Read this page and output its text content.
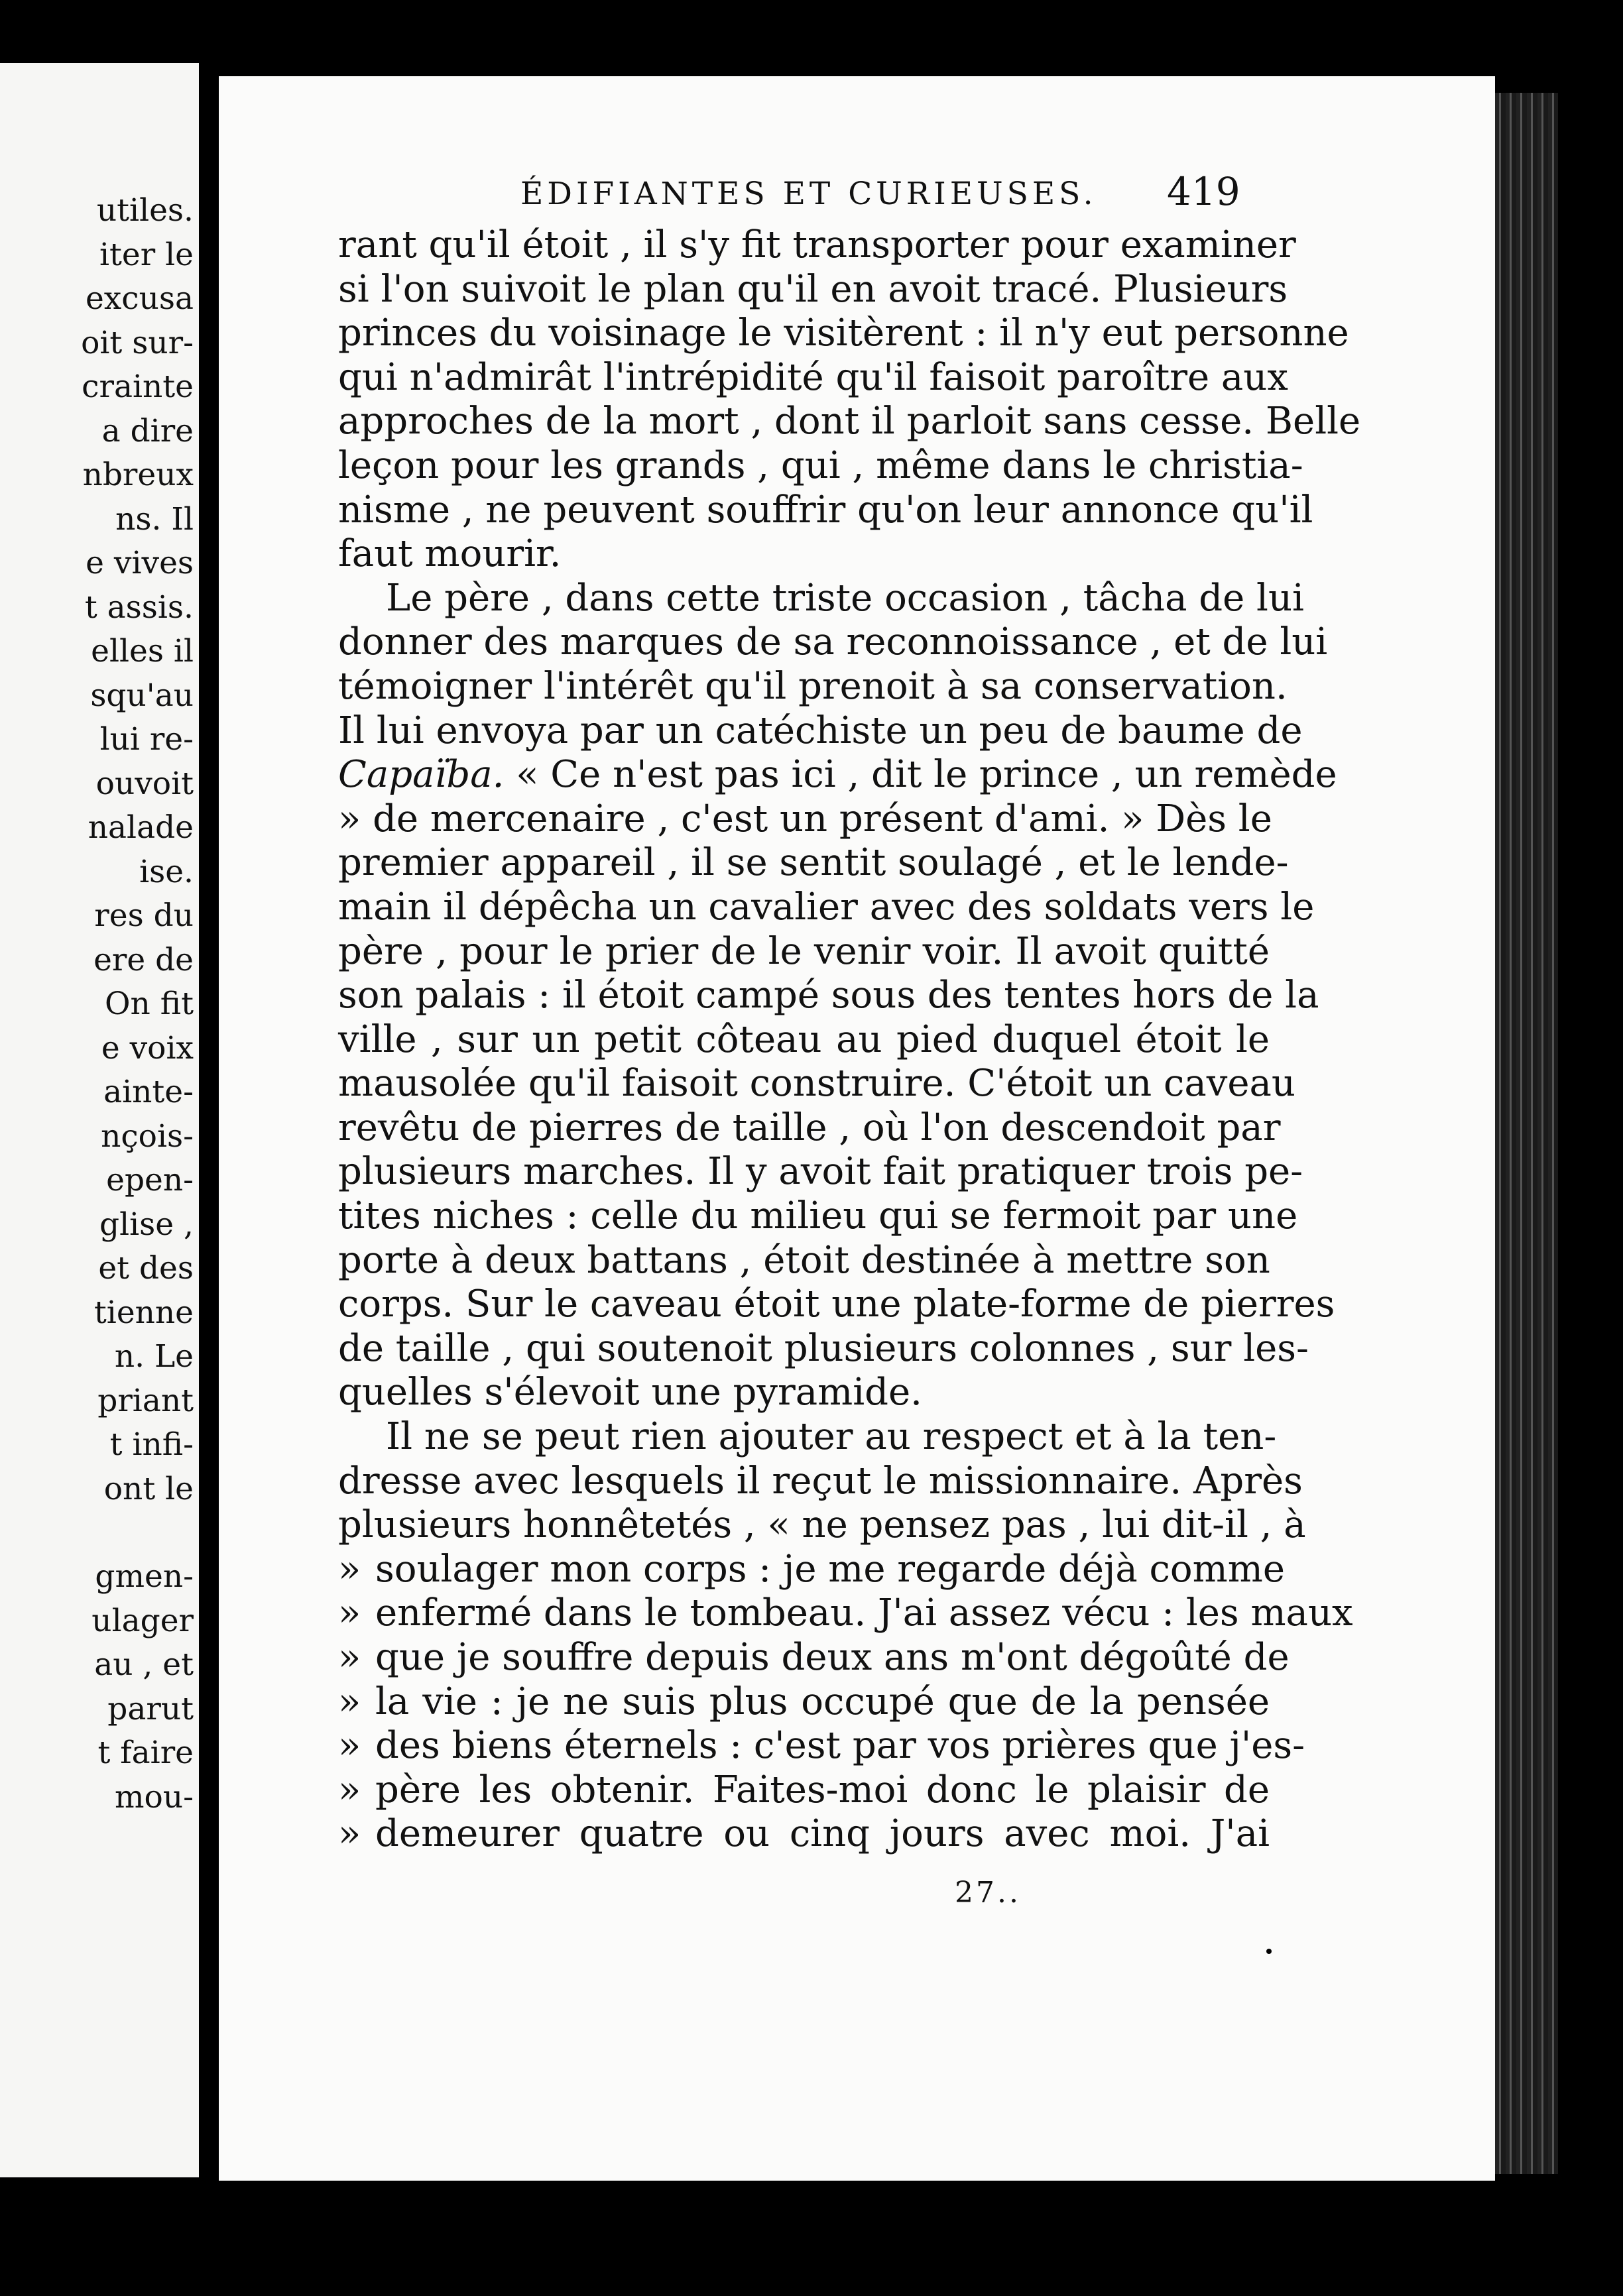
utiles.
iter le
excusa
oit sur-
crainte
a dire
nbreux
ns. Il
e vives
t assis.
elles il
squ'au
lui re-
ouvoit
nalade
ise.
res du
ere de
On fit
e voix
ainte-
nçois-
epen-
glise ,
et des
tienne
n. Le
priant
t infi-
ont le
gmen-
ulager
au , et
parut
t faire
mou-
ÉDIFIANTES ET CURIEUSES.	419
rant qu'il étoit , il s'y fit transporter pour examiner
si l'on suivoit le plan qu'il en avoit tracé. Plusieurs
princes du voisinage le visitèrent : il n'y eut personne
qui n'admirât l'intrépidité qu'il faisoit paroître aux
approches de la mort , dont il parloit sans cesse. Belle
leçon pour les grands , qui , même dans le christia-
nisme , ne peuvent souffrir qu'on leur annonce qu'il
faut mourir.
Le père , dans cette triste occasion , tâcha de lui
donner des marques de sa reconnoissance , et de lui
témoigner l'intérêt qu'il prenoit à sa conservation.
Il lui envoya par un catéchiste un peu de baume de
Capaïba. « Ce n'est pas ici , dit le prince , un remède
» de mercenaire , c'est un présent d'ami. » Dès le
premier appareil , il se sentit soulagé , et le lende-
main il dépêcha un cavalier avec des soldats vers le
père , pour le prier de le venir voir. Il avoit quitté
son palais : il étoit campé sous des tentes hors de la
ville , sur un petit côteau au pied duquel étoit le
mausolée qu'il faisoit construire. C'étoit un caveau
revêtu de pierres de taille , où l'on descendoit par
plusieurs marches. Il y avoit fait pratiquer trois pe-
tites niches : celle du milieu qui se fermoit par une
porte à deux battans , étoit destinée à mettre son
corps. Sur le caveau étoit une plate-forme de pierres
de taille , qui soutenoit plusieurs colonnes , sur les-
quelles s'élevoit une pyramide.
Il ne se peut rien ajouter au respect et à la ten-
dresse avec lesquels il reçut le missionnaire. Après
plusieurs honnêtetés , « ne pensez pas , lui dit-il , à
» soulager mon corps : je me regarde déjà comme
» enfermé dans le tombeau. J'ai assez vécu : les maux
» que je souffre depuis deux ans m'ont dégoûté de
» la vie : je ne suis plus occupé que de la pensée
» des biens éternels : c'est par vos prières que j'es-
» père les obtenir. Faites-moi donc le plaisir de
» demeurer quatre ou cinq jours avec moi. J'ai
27..
